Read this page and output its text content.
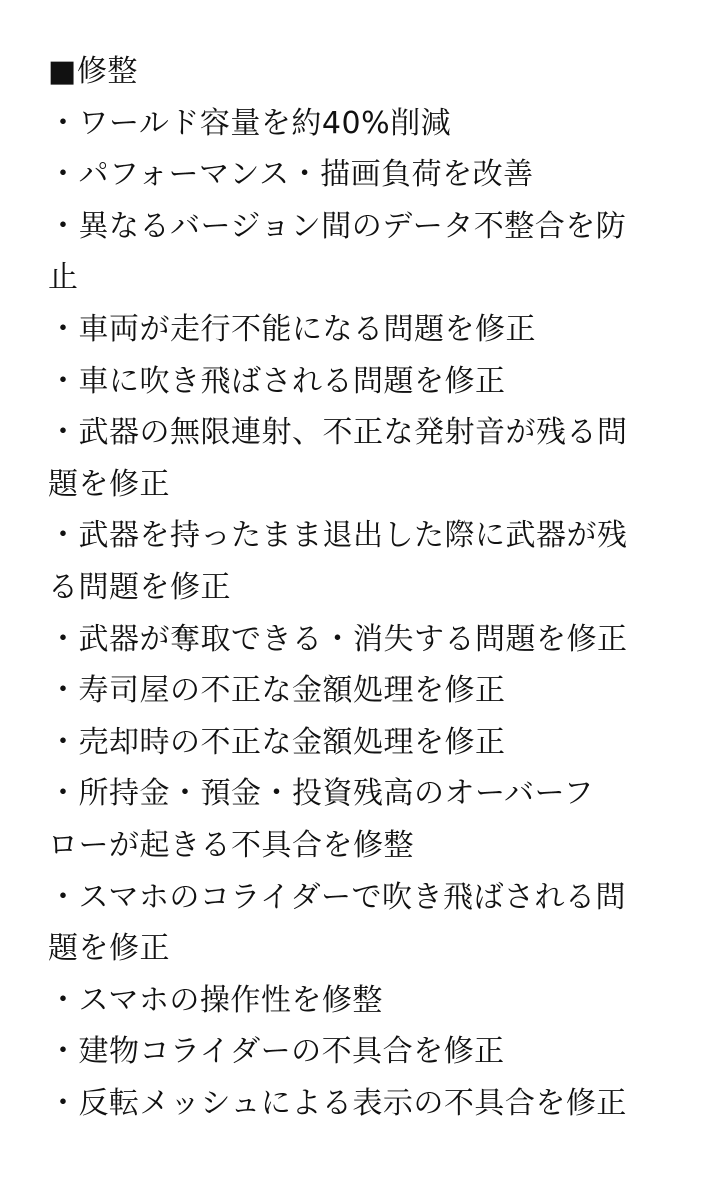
■修整
・ワールド容量を約40%削減
・パフォーマンス・描画負荷を改善
・異なるバージョン間のデータ不整合を防
止
・車両が走行不能になる問題を修正
・車に吹き飛ばされる問題を修正
・武器の無限連射、不正な発射音が残る問
題を修正
・武器を持ったまま退出した際に武器が残
る問題を修正
・武器が奪取できる・消失する問題を修正
・寿司屋の不正な金額処理を修正
・売却時の不正な金額処理を修正
・所持金・預金・投資残高のオーバーフ
ローが起きる不具合を修整
・スマホのコライダーで吹き飛ばされる問
題を修正
・スマホの操作性を修整
・建物コライダーの不具合を修正
・反転メッシュによる表示の不具合を修正
